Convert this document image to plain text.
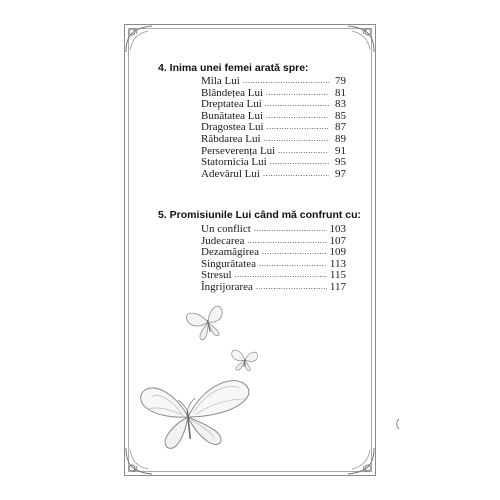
4. Inima unei femei arată spre:
Mila Lui .....	79
Blândețea Lui .....	81
Dreptatea Lui .....	83
Bunătatea Lui .....	85
Dragostea Lui .....	87
Răbdarea Lui .....	89
Perseverența Lui .....	91
Statornicia Lui .....	95
Adevărul Lui .....	97
5. Promisiunile Lui când mă confrunt cu:
Un conflict .....	103
Judecarea .....	107
Dezamăgirea .....	109
Singurătatea .....	113
Stresul .....	115
Îngrijorarea .....	117
